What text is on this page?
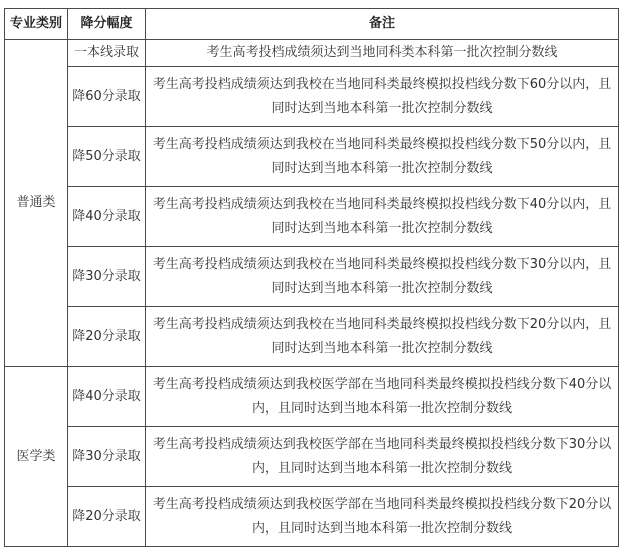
专业类别	降分幅度	备注
普通类	一本线录取	考生高考投档成绩须达到当地同科类本科第一批次控制分数线
	降60分录取	考生高考投档成绩须达到我校在当地同科类最终模拟投档线分数下60分以内，且同时达到当地本科第一批次控制分数线
	降50分录取	考生高考投档成绩须达到我校在当地同科类最终模拟投档线分数下50分以内，且同时达到当地本科第一批次控制分数线
	降40分录取	考生高考投档成绩须达到我校在当地同科类最终模拟投档线分数下40分以内，且同时达到当地本科第一批次控制分数线
	降30分录取	考生高考投档成绩须达到我校在当地同科类最终模拟投档线分数下30分以内，且同时达到当地本科第一批次控制分数线
	降20分录取	考生高考投档成绩须达到我校在当地同科类最终模拟投档线分数下20分以内，且同时达到当地本科第一批次控制分数线
医学类	降40分录取	考生高考投档成绩须达到我校医学部在当地同科类最终模拟投档线分数下40分以内，且同时达到当地本科第一批次控制分数线
	降30分录取	考生高考投档成绩须达到我校医学部在当地同科类最终模拟投档线分数下30分以内，且同时达到当地本科第一批次控制分数线
	降20分录取	考生高考投档成绩须达到我校医学部在当地同科类最终模拟投档线分数下20分以内，且同时达到当地本科第一批次控制分数线
